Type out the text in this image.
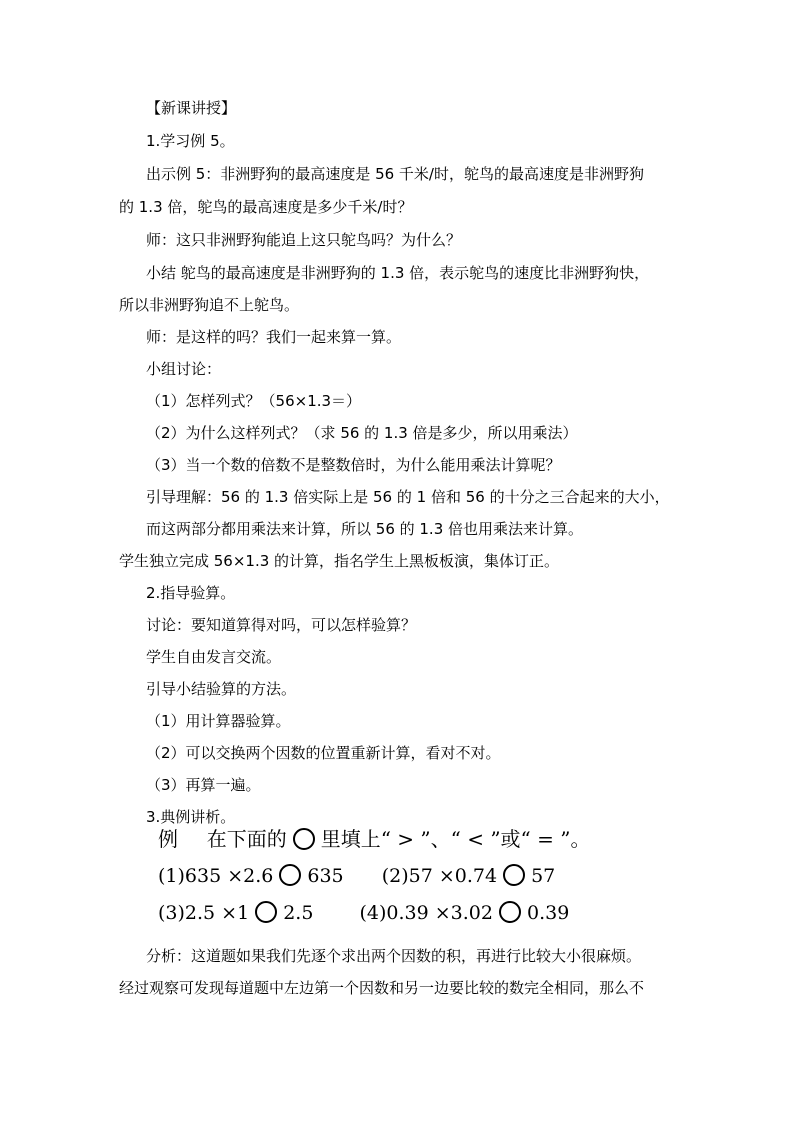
【新课讲授】
1.学习例 5。
出示例 5：非洲野狗的最高速度是 56 千米/时，鸵鸟的最高速度是非洲野狗
的 1.3 倍，鸵鸟的最高速度是多少千米/时？
师：这只非洲野狗能追上这只鸵鸟吗？为什么？
小结 鸵鸟的最高速度是非洲野狗的 1.3 倍，表示鸵鸟的速度比非洲野狗快，
所以非洲野狗追不上鸵鸟。
师：是这样的吗？我们一起来算一算。
小组讨论：
（1）怎样列式？（56×1.3＝）
（2）为什么这样列式？（求 56 的 1.3 倍是多少，所以用乘法）
（3）当一个数的倍数不是整数倍时，为什么能用乘法计算呢？
引导理解：56 的 1.3 倍实际上是 56 的 1 倍和 56 的十分之三合起来的大小，
而这两部分都用乘法来计算，所以 56 的 1.3 倍也用乘法来计算。
学生独立完成 56×1.3 的计算，指名学生上黑板板演，集体订正。
2.指导验算。
讨论：要知道算得对吗，可以怎样验算？
学生自由发言交流。
引导小结验算的方法。
（1）用计算器验算。
（2）可以交换两个因数的位置重新计算，看对不对。
（3）再算一遍。
3.典例讲析。
例 在下面的 里填上“ > ”、“ < ”或“ = ”。
(1)635 ×2.6 635 (2)57 ×0.74 57
(3)2.5 ×1 2.5 (4)0.39 ×3.02 0.39
分析：这道题如果我们先逐个求出两个因数的积，再进行比较大小很麻烦。
经过观察可发现每道题中左边第一个因数和另一边要比较的数完全相同，那么不
